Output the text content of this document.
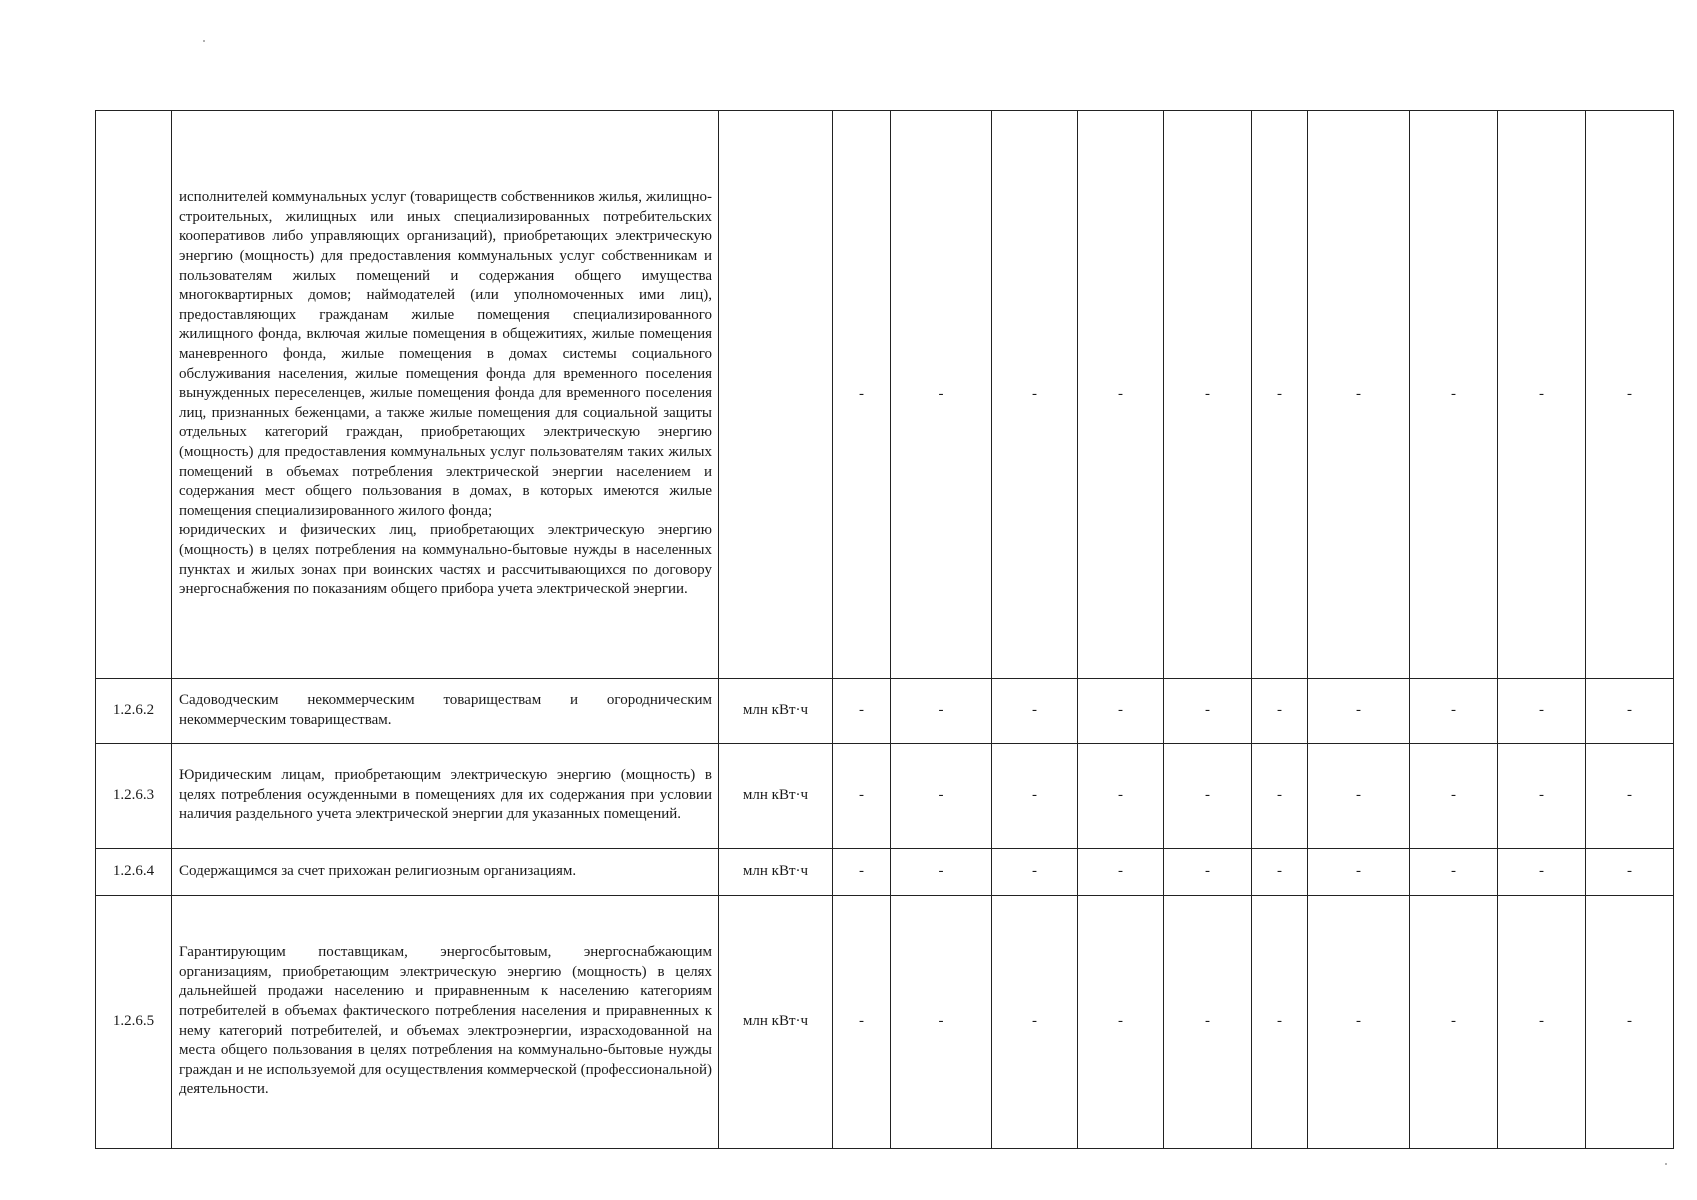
	исполнителей коммунальных услуг (товариществ собственников жилья, жилищно-строительных, жилищных или иных специализированных потребительских кооперативов либо управляющих организаций), приобретающих электрическую энергию (мощность) для предоставления коммунальных услуг собственникам и пользователям жилых помещений и содержания общего имущества многоквартирных домов; наймодателей (или уполномоченных ими лиц), предоставляющих гражданам жилые помещения специализированного жилищного фонда, включая жилые помещения в общежитиях, жилые помещения маневренного фонда, жилые помещения в домах системы социального обслуживания населения, жилые помещения фонда для временного поселения вынужденных переселенцев, жилые помещения фонда для временного поселения лиц, признанных беженцами, а также жилые помещения для социальной защиты отдельных категорий граждан, приобретающих электрическую энергию (мощность) для предоставления коммунальных услуг пользователям таких жилых помещений в объемах потребления электрической энергии населением и содержания мест общего пользования в домах, в которых имеются жилые помещения специализированного жилого фонда;
юридических и физических лиц, приобретающих электрическую энергию (мощность) в целях потребления на коммунально-бытовые нужды в населенных пунктах и жилых зонах при воинских частях и рассчитывающихся по договору энергоснабжения по показаниям общего прибора учета электрической энергии.		-	-	-	-	-	-	-	-	-	-
1.2.6.2	Садоводческим некоммерческим товариществам и огородническим некоммерческим товариществам.	млн кВт·ч	-	-	-	-	-	-	-	-	-	-
1.2.6.3	Юридическим лицам, приобретающим электрическую энергию (мощность) в целях потребления осужденными в помещениях для их содержания при условии наличия раздельного учета электрической энергии для указанных помещений.	млн кВт·ч	-	-	-	-	-	-	-	-	-	-
1.2.6.4	Содержащимся за счет прихожан религиозным организациям.	млн кВт·ч	-	-	-	-	-	-	-	-	-	-
1.2.6.5	Гарантирующим поставщикам, энергосбытовым, энергоснабжающим организациям, приобретающим электрическую энергию (мощность) в целях дальнейшей продажи населению и приравненным к населению категориям потребителей в объемах фактического потребления населения и приравненных к нему категорий потребителей, и объемах электроэнергии, израсходованной на места общего пользования в целях потребления на коммунально-бытовые нужды граждан и не используемой для осуществления коммерческой (профессиональной) деятельности.	млн кВт·ч	-	-	-	-	-	-	-	-	-	-
